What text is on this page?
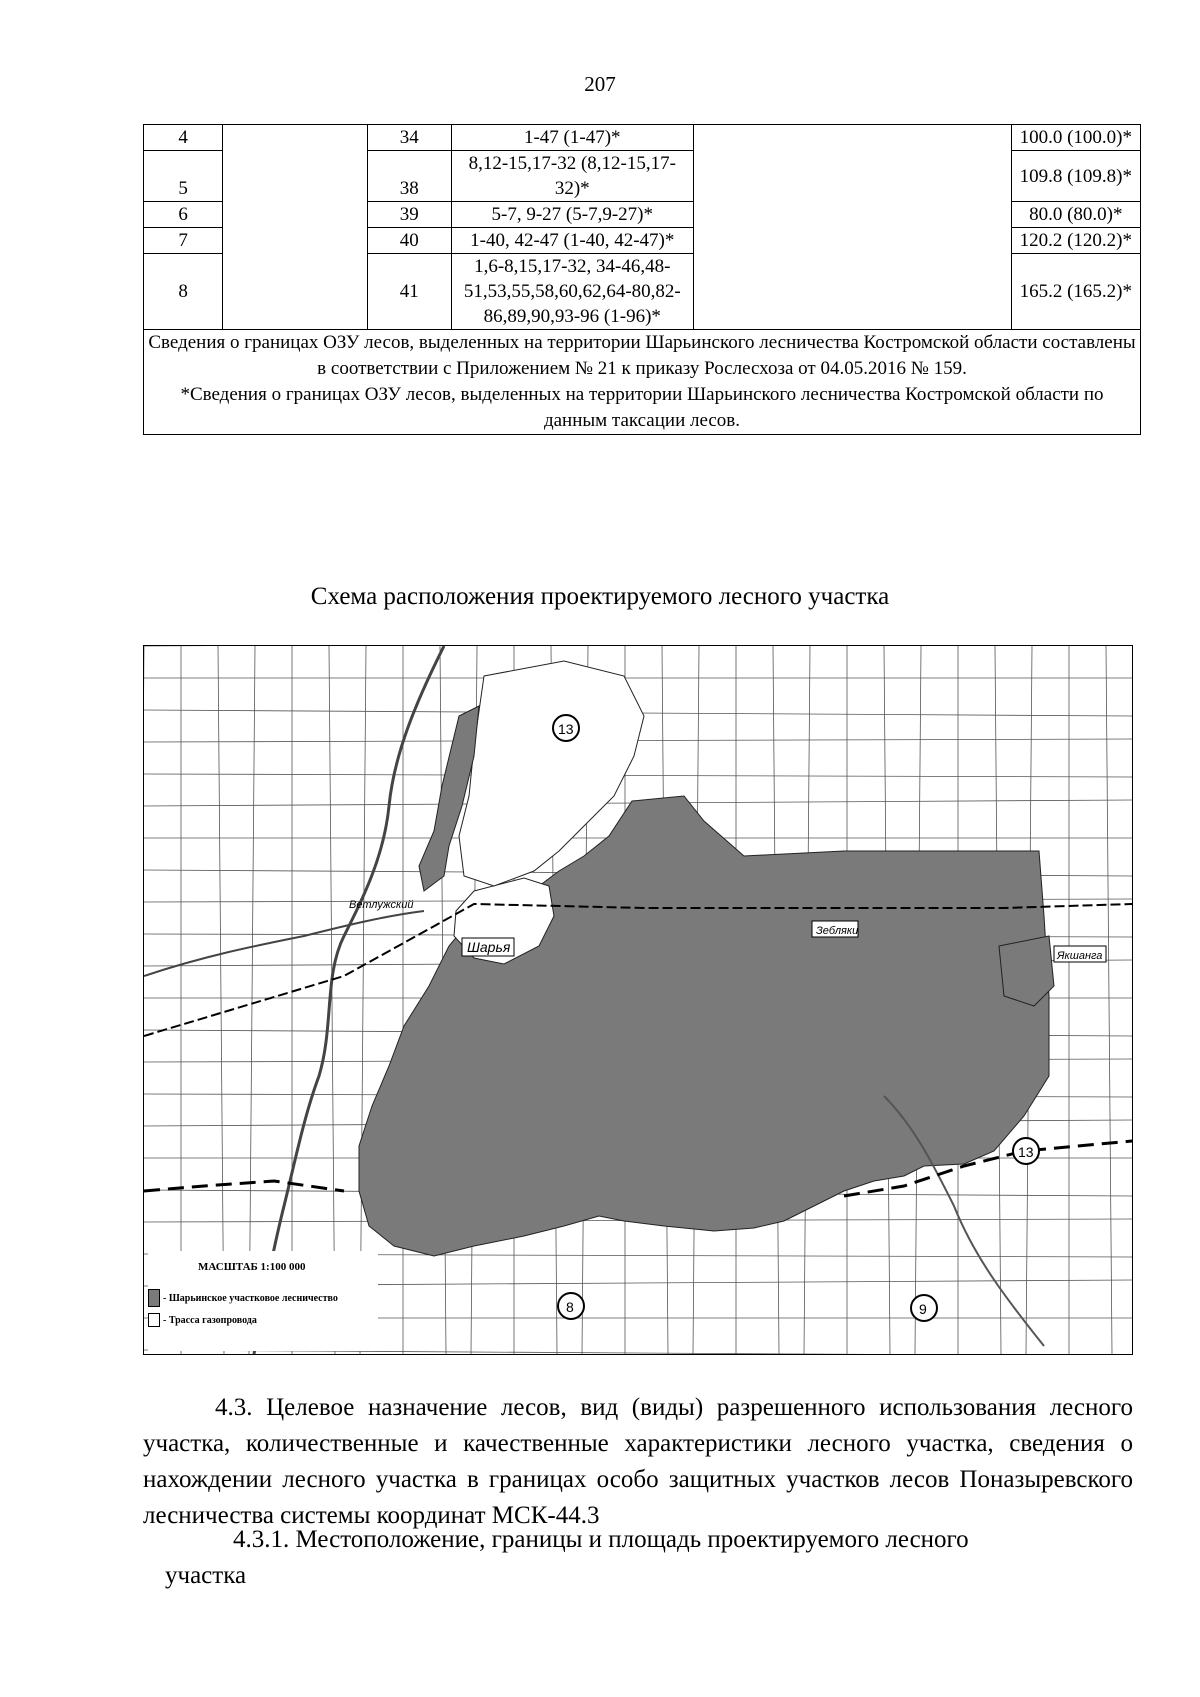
207
4		34	1-47 (1-47)*		100.0 (100.0)*
5		38	8,12-15,17-32 (8,12-15,17- 32)*		109.8 (109.8)*
6		39	5-7, 9-27 (5-7,9-27)*		80.0 (80.0)*
7		40	1-40, 42-47 (1-40, 42-47)*		120.2 (120.2)*
8		41	1,6-8,15,17-32, 34-46,48-51,53,55,58,60,62,64-80,82-86,89,90,93-96 (1-96)*		165.2 (165.2)*

Сведения о границах ОЗУ лесов, выделенных на территории Шарьинского лесничества Костромской области составлены в соответствии с Приложением № 21 к приказу Рослесхоза от 04.05.2016 № 159.

*Сведения о границах ОЗУ лесов, выделенных на территории Шарьинского лесничества Костромской области по данным таксации лесов.					

Схема расположения проектируемого лесного участка
Шарья
Ветлужский
Зебляки
Якшанга
13
13
8	9
МАСШТАБ 1:100 000
- Шарьинское участковое лесничество
- Трасса газопровода
4.3. Целевое назначение лесов, вид (виды) разрешенного использования лесного участка, количественные и качественные характеристики лесного участка, сведения о нахождении лесного участка в границах особо защитных участков лесов Поназыревского лесничества системы координат МСК-44.3
4.3.1. Местоположение, границы и площадь проектируемого лесного
участка
